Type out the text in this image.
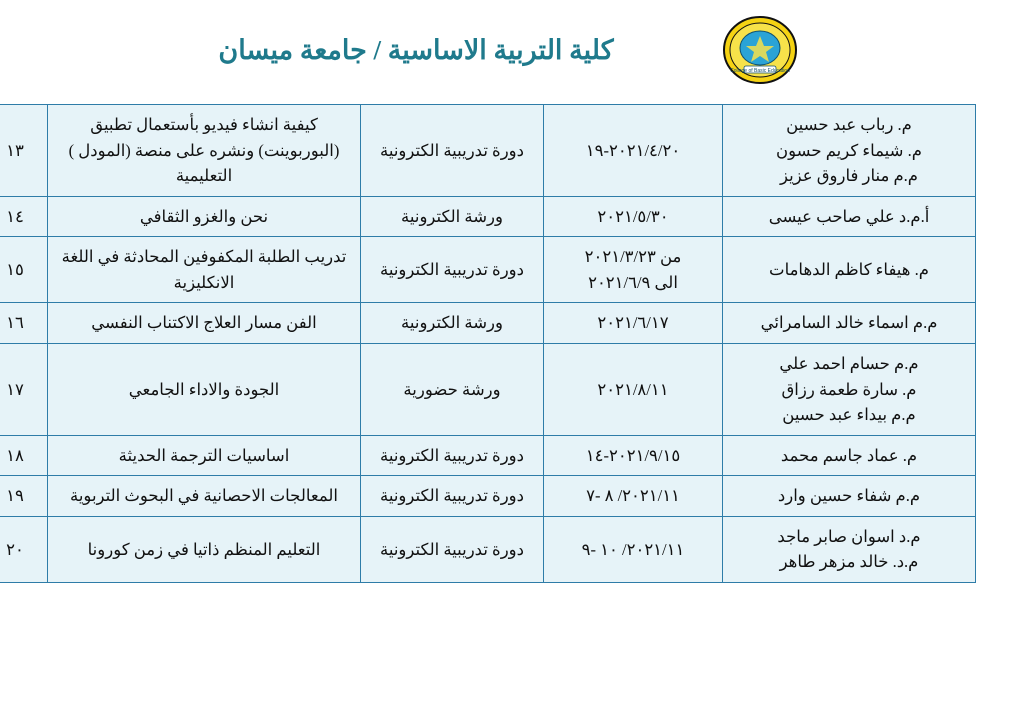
كلية التربية الاساسية / جامعة ميسان
College of Basic Education
م. رباب عبد حسين
م. شيماء كريم حسون
م.م منار فاروق عزيز	٢٠٢١/٤/٢٠-١٩	دورة تدريبية الكترونية	كيفية انشاء فيديو بأستعمال تطبيق
(البوربوينت) ونشره على منصة (المودل )
التعليمية	١٣

أ.م.د علي صاحب عيسى	٢٠٢١/٥/٣٠	ورشة الكترونية	نحن والغزو الثقافي	١٤

م. هيفاء كاظم الدهامات	من ٢٠٢١/٣/٢٣
الى ٢٠٢١/٦/٩	دورة تدريبية الكترونية	تدريب الطلبة المكفوفين المحادثة في اللغة
الانكليزية	١٥

م.م اسماء خالد السامرائي	٢٠٢١/٦/١٧	ورشة الكترونية	الفن مسار العلاج الاكتناب النفسي	١٦

م.م حسام احمد علي
م. سارة طعمة رزاق
م.م بيداء عبد حسين	٢٠٢١/٨/١١	ورشة حضورية	الجودة والاداء الجامعي	١٧

م. عماد جاسم محمد	٢٠٢١/٩/١٥-١٤	دورة تدريبية الكترونية	اساسيات الترجمة الحديثة	١٨

م.م شفاء حسين وارد	٢٠٢١/١١/ ٨ -٧	دورة تدريبية الكترونية	المعالجات الاحصانية في البحوث التربوية	١٩

م.د اسوان صابر ماجد
م.د. خالد مزهر طاهر	٢٠٢١/١١/ ١٠ -٩	دورة تدريبية الكترونية	التعليم المنظم ذاتيا في زمن كورونا	٢٠
